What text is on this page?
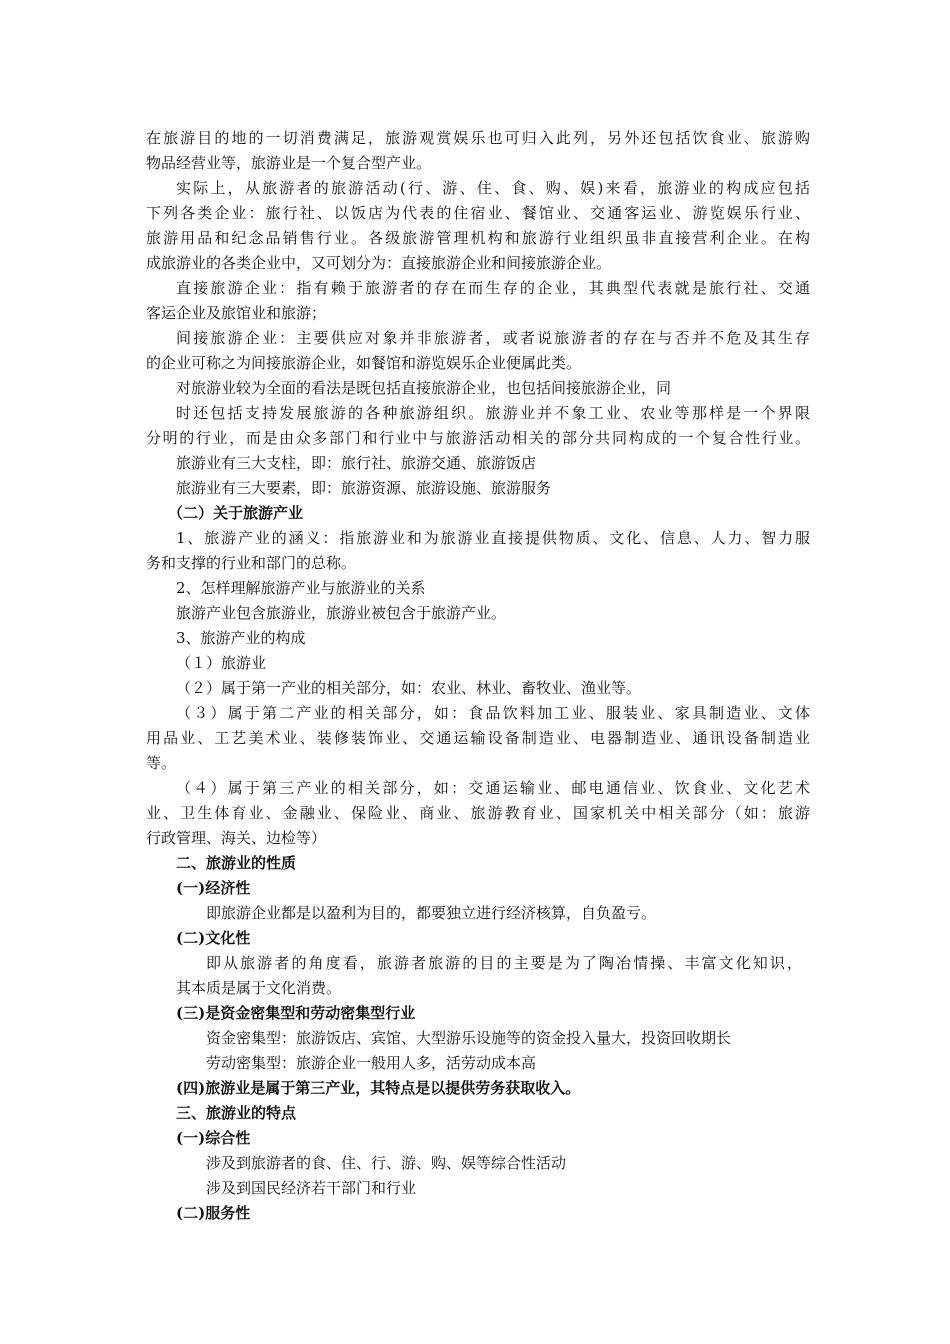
在旅游目的地的一切消费满足，旅游观赏娱乐也可归入此列，另外还包括饮食业、旅游购
物品经营业等，旅游业是一个复合型产业。
实际上，从旅游者的旅游活动(行、游、住、食、购、娱)来看，旅游业的构成应包括
下列各类企业：旅行社、以饭店为代表的住宿业、餐馆业、交通客运业、游览娱乐行业、
旅游用品和纪念品销售行业。各级旅游管理机构和旅游行业组织虽非直接营利企业。在构
成旅游业的各类企业中，又可划分为：直接旅游企业和间接旅游企业。
直接旅游企业：指有赖于旅游者的存在而生存的企业，其典型代表就是旅行社、交通
客运企业及旅馆业和旅游；
间接旅游企业：主要供应对象并非旅游者，或者说旅游者的存在与否并不危及其生存
的企业可称之为间接旅游企业，如餐馆和游览娱乐企业便属此类。
对旅游业较为全面的看法是既包括直接旅游企业，也包括间接旅游企业，同
时还包括支持发展旅游的各种旅游组织。旅游业并不象工业、农业等那样是一个界限
分明的行业，而是由众多部门和行业中与旅游活动相关的部分共同构成的一个复合性行业。
旅游业有三大支柱，即：旅行社、旅游交通、旅游饭店
旅游业有三大要素，即：旅游资源、旅游设施、旅游服务
（二）关于旅游产业
1、旅游产业的涵义：指旅游业和为旅游业直接提供物质、文化、信息、人力、智力服
务和支撑的行业和部门的总称。
2、怎样理解旅游产业与旅游业的关系
旅游产业包含旅游业，旅游业被包含于旅游产业。
3、旅游产业的构成
（１）旅游业
（２）属于第一产业的相关部分，如：农业、林业、畜牧业、渔业等。
（３）属于第二产业的相关部分，如：食品饮料加工业、服装业、家具制造业、文体
用品业、工艺美术业、装修装饰业、交通运输设备制造业、电器制造业、通讯设备制造业
等。
（４）属于第三产业的相关部分，如：交通运输业、邮电通信业、饮食业、文化艺术
业、卫生体育业、金融业、保险业、商业、旅游教育业、国家机关中相关部分（如：旅游
行政管理、海关、边检等）
二、旅游业的性质
(一)经济性
即旅游企业都是以盈利为目的，都要独立进行经济核算，自负盈亏。
(二)文化性
即从旅游者的角度看，旅游者旅游的目的主要是为了陶冶情操、丰富文化知识，
其本质是属于文化消费。
(三)是资金密集型和劳动密集型行业
资金密集型：旅游饭店、宾馆、大型游乐设施等的资金投入量大，投资回收期长
劳动密集型：旅游企业一般用人多，活劳动成本高
(四)旅游业是属于第三产业，其特点是以提供劳务获取收入。
三、旅游业的特点
(一)综合性
涉及到旅游者的食、住、行、游、购、娱等综合性活动
涉及到国民经济若干部门和行业
(二)服务性
